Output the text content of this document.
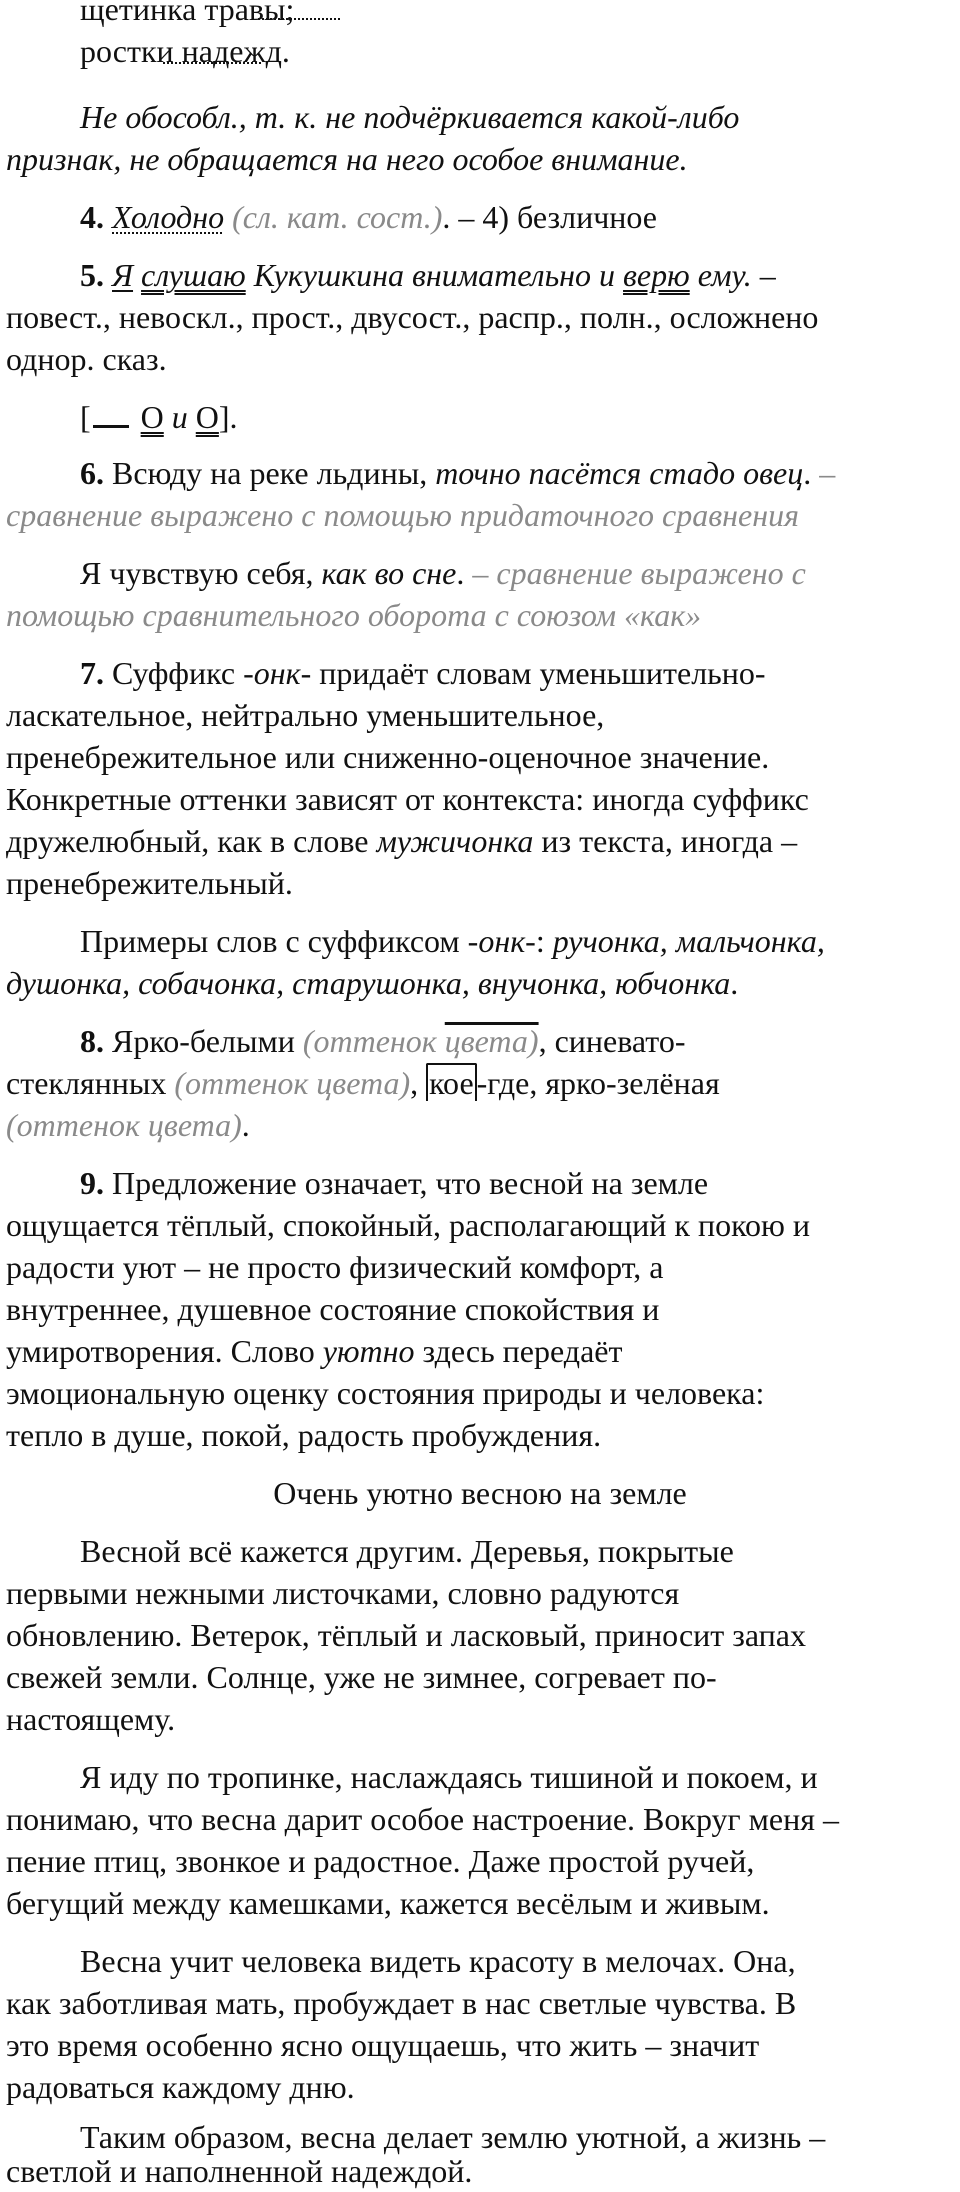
щетинка травы;
ростки надежд.
Не обособл., т. к. не подчёркивается какой-либо
признак, не обращается на него особое внимание.
4. Холодно (сл. кат. сост.). – 4) безличное
5. Я слушаю Кукушкина внимательно и верю ему. –
повест., невоскл., прост., двусост., распр., полн., осложнено
однор. сказ.
[ O и O].
6. Всюду на реке льдины, точно пасётся стадо овец. –
сравнение выражено с помощью придаточного сравнения
Я чувствую себя, как во сне. – сравнение выражено с
помощью сравнительного оборота с союзом «как»
7. Суффикс -онк- придаёт словам уменьшительно-
ласкательное, нейтрально уменьшительное,
пренебрежительное или сниженно-оценочное значение.
Конкретные оттенки зависят от контекста: иногда суффикс
дружелюбный, как в слове мужичонка из текста, иногда –
пренебрежительный.
Примеры слов с суффиксом -онк-: ручонка, мальчонка,
душонка, собачонка, старушонка, внучонка, юбчонка.
8. Ярко-белыми (оттенок цвета), синевато-
стеклянных (оттенок цвета), кое-где, ярко-зелёная
(оттенок цвета).
9. Предложение означает, что весной на земле
ощущается тёплый, спокойный, располагающий к покою и
радости уют – не просто физический комфорт, а
внутреннее, душевное состояние спокойствия и
умиротворения. Слово уютно здесь передаёт
эмоциональную оценку состояния природы и человека:
тепло в душе, покой, радость пробуждения.
Очень уютно весною на земле
Весной всё кажется другим. Деревья, покрытые
первыми нежными листочками, словно радуются
обновлению. Ветерок, тёплый и ласковый, приносит запах
свежей земли. Солнце, уже не зимнее, согревает по-
настоящему.
Я иду по тропинке, наслаждаясь тишиной и покоем, и
понимаю, что весна дарит особое настроение. Вокруг меня –
пение птиц, звонкое и радостное. Даже простой ручей,
бегущий между камешками, кажется весёлым и живым.
Весна учит человека видеть красоту в мелочах. Она,
как заботливая мать, пробуждает в нас светлые чувства. В
это время особенно ясно ощущаешь, что жить – значит
радоваться каждому дню.
Таким образом, весна делает землю уютной, а жизнь –
светлой и наполненной надеждой.
